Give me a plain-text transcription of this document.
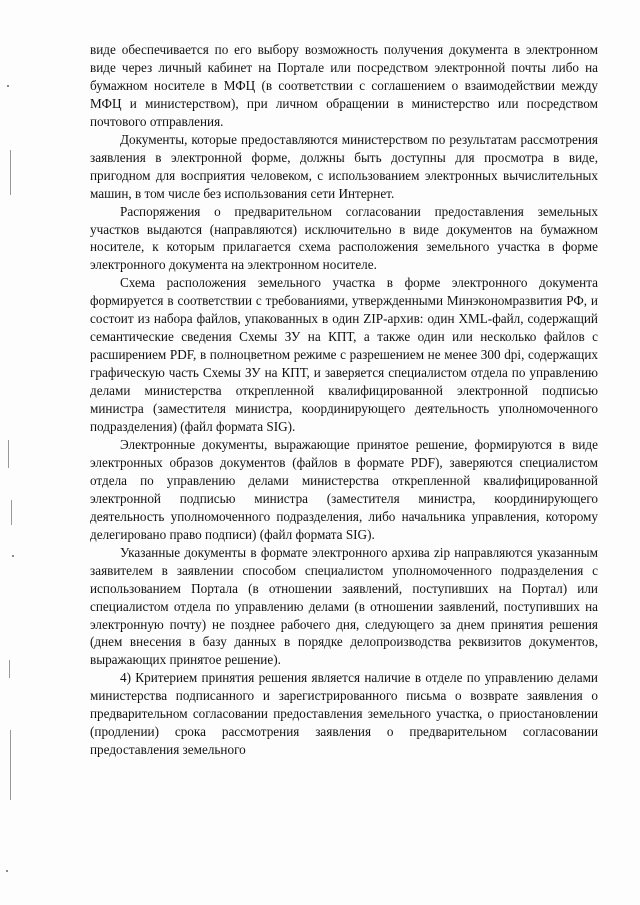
виде обеспечивается по его выбору возможность получения документа в электронном виде через личный кабинет на Портале или посредством электронной почты либо на бумажном носителе в МФЦ (в соответствии с соглашением о взаимодействии между МФЦ и министерством), при личном обращении в министерство или посредством почтового отправления.

Документы, которые предоставляются министерством по результатам рассмотрения заявления в электронной форме, должны быть доступны для просмотра в виде, пригодном для восприятия человеком, с использованием электронных вычислительных машин, в том числе без использования сети Интернет.

Распоряжения о предварительном согласовании предоставления земельных участков выдаются (направляются) исключительно в виде документов на бумажном носителе, к которым прилагается схема расположения земельного участка в форме электронного документа на электронном носителе.

Схема расположения земельного участка в форме электронного документа формируется в соответствии с требованиями, утвержденными Минэкономразвития РФ, и состоит из набора файлов, упакованных в один ZIP-архив: один XML-файл, содержащий семантические сведения Схемы ЗУ на КПТ, а также один или несколько файлов с расширением PDF, в полноцветном режиме с разрешением не менее 300 dpi, содержащих графическую часть Схемы ЗУ на КПТ, и заверяется специалистом отдела по управлению делами министерства открепленной квалифицированной электронной подписью министра (заместителя министра, координирующего деятельность уполномоченного подразделения) (файл формата SIG).

Электронные документы, выражающие принятое решение, формируются в виде электронных образов документов (файлов в формате PDF), заверяются специалистом отдела по управлению делами министерства открепленной квалифицированной электронной подписью министра (заместителя министра, координирующего деятельность уполномоченного подразделения, либо начальника управления, которому делегировано право подписи) (файл формата SIG).

Указанные документы в формате электронного архива zip направляются указанным заявителем в заявлении способом специалистом уполномоченного подразделения с использованием Портала (в отношении заявлений, поступивших на Портал) или специалистом отдела по управлению делами (в отношении заявлений, поступивших на электронную почту) не позднее рабочего дня, следующего за днем принятия решения (днем внесения в базу данных в порядке делопроизводства реквизитов документов, выражающих принятое решение).

4) Критерием принятия решения является наличие в отделе по управлению делами министерства подписанного и зарегистрированного письма о возврате заявления о предварительном согласовании предоставления земельного участка, о приостановлении (продлении) срока рассмотрения заявления о предварительном согласовании предоставления земельного
